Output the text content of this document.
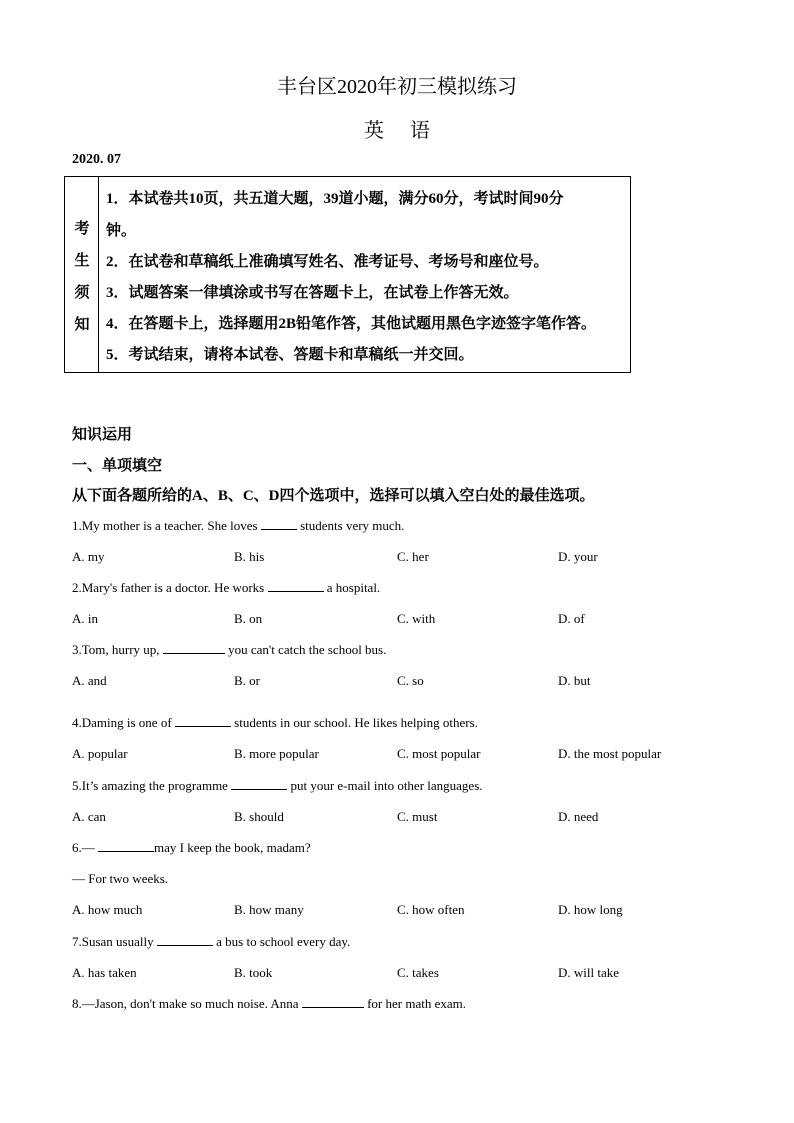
丰台区2020年初三模拟练习
英语
2020. 07
考
生
须
知
1．本试卷共10页，共五道大题，39道小题，满分60分，考试时间90分
钟。
2．在试卷和草稿纸上准确填写姓名、准考证号、考场号和座位号。
3．试题答案一律填涂或书写在答题卡上，在试卷上作答无效。
4．在答题卡上，选择题用2B铅笔作答，其他试题用黑色字迹签字笔作答。
5．考试结束，请将本试卷、答题卡和草稿纸一并交回。
知识运用
一、单项填空
从下面各题所给的A、B、C、D四个选项中，选择可以填入空白处的最佳选项。
1.My mother is a teacher. She loves	students very much.
A. my	B. his	C. her	D. your
2.Mary's father is a doctor. He works	a hospital.
A. in	B. on	C. with	D. of
3.Tom, hurry up,	you can't catch the school bus.
A. and	B. or	C. so	D. but
4.Daming is one of	students in our school. He likes helping others.
A. popular	B. more popular	C. most popular	D. the most popular
5.It’s amazing the programme	put your e-mail into other languages.
A. can	B. should	C. must	D. need
6.—	may I keep the book, madam?
— For two weeks.
A. how much	B. how many	C. how often	D. how long
7.Susan usually	a bus to school every day.
A. has taken	B. took	C. takes	D. will take
8.—Jason, don't make so much noise. Anna	for her math exam.
